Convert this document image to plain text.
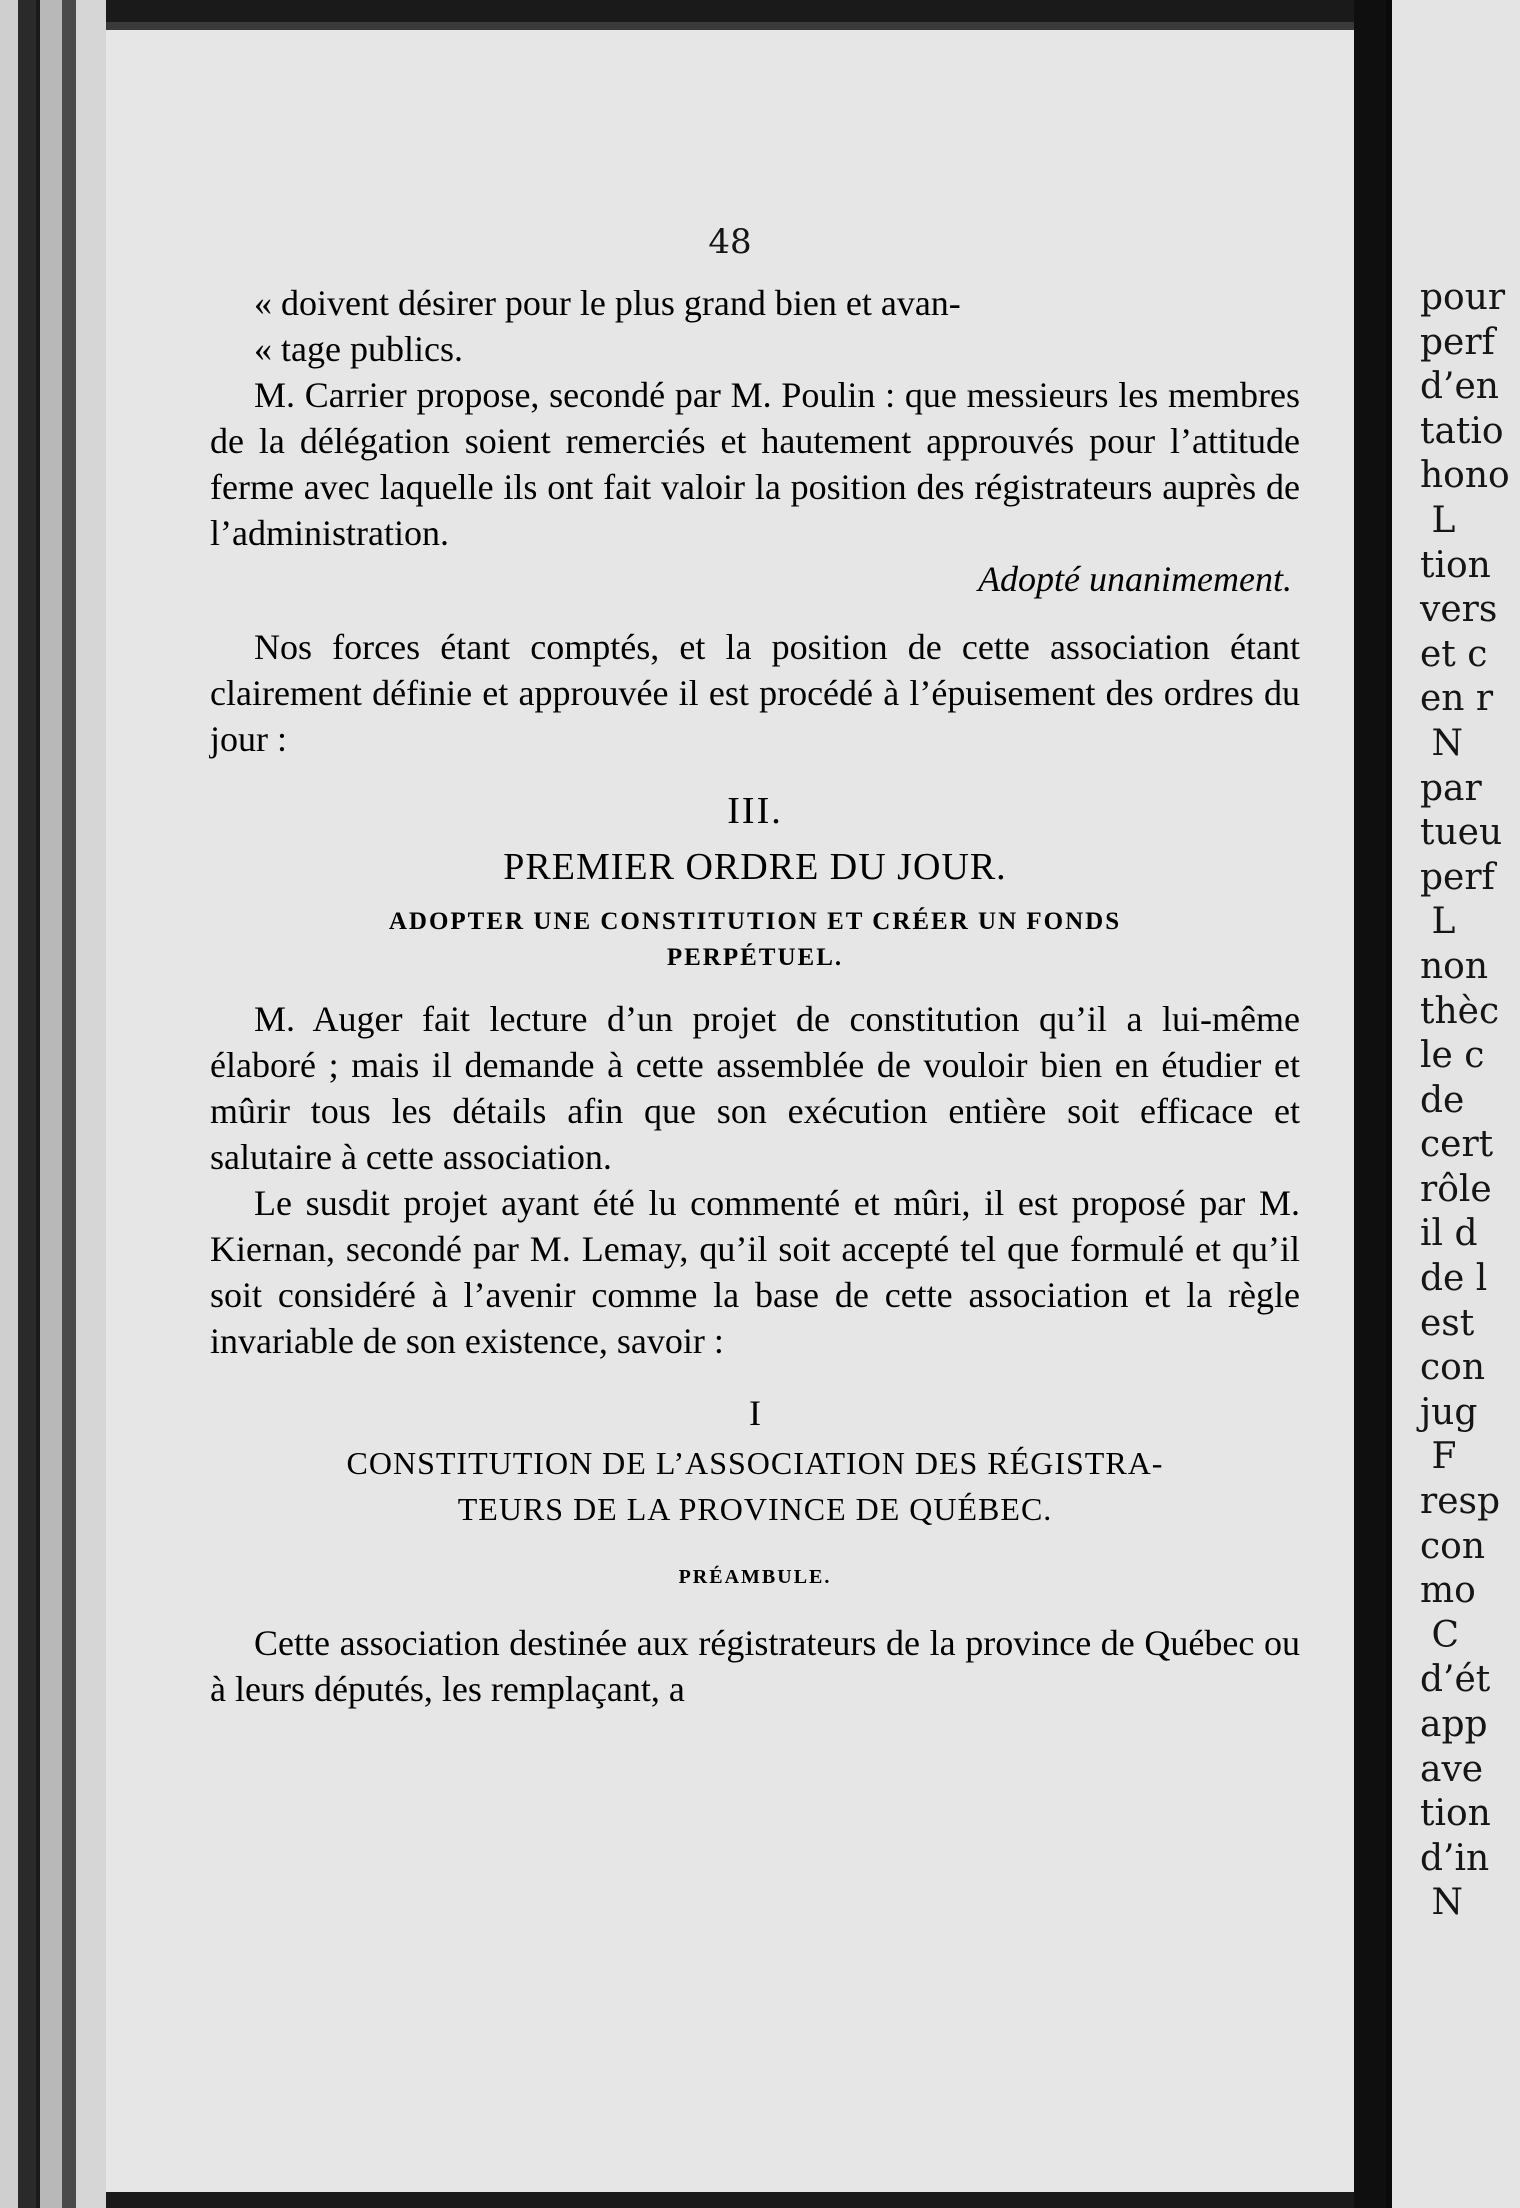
48

« doivent désirer pour le plus grand bien et avan-

« tage publics.

M. Carrier propose, secondé par M. Poulin : que messieurs les membres de la délégation soient remerciés et hautement approuvés pour l’attitude ferme avec laquelle ils ont fait valoir la position des régistrateurs auprès de l’administration.

Adopté unanimement.

Nos forces étant comptés, et la position de cette association étant clairement définie et approuvée il est procédé à l’épuisement des ordres du jour :

III.
PREMIER ORDRE DU JOUR.
ADOPTER UNE CONSTITUTION ET CRÉER UN FONDS
PERPÉTUEL.

M. Auger fait lecture d’un projet de constitution qu’il a lui-même élaboré ; mais il demande à cette assemblée de vouloir bien en étudier et mûrir tous les détails afin que son exécution entière soit efficace et salutaire à cette association.

Le susdit projet ayant été lu commenté et mûri, il est proposé par M. Kiernan, secondé par M. Lemay, qu’il soit accepté tel que formulé et qu’il soit considéré à l’avenir comme la base de cette association et la règle invariable de son existence, savoir :

I
CONSTITUTION DE L’ASSOCIATION DES RÉGISTRA-
TEURS DE LA PROVINCE DE QUÉBEC.
PRÉAMBULE.

Cette association destinée aux régistrateurs de la province de Québec ou à leurs députés, les remplaçant, a

pour
perf
d’en
tatio
hono
L
tion
vers
et c
en r
N
par
tueu
perf
L
non
thèc
le c
de
cert
rôle
il d
de l
est
con
jug
F
resp
con
mo
C
d’ét
app
ave
tion
d’in
N
